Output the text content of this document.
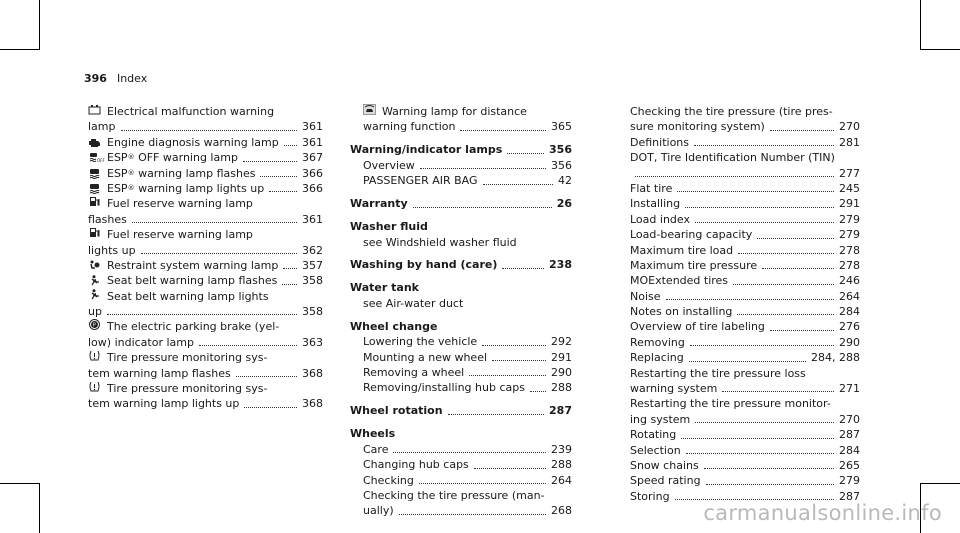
396 Index
Electrical malfunction warning
lamp	361
Engine diagnosis warning lamp 361
OFF ESP ® OFF warning lamp	367
ESP ® warning lamp flashes	366
ESP ® warning lamp lights up	366
Fuel reserve warning lamp
flashes	361
Fuel reserve warning lamp
lights up	362
Restraint system warning lamp 357
Seat belt warning lamp flashes 358
Seat belt warning lamp lights
up	358
P The electric parking brake (yel-
low) indicator lamp	363
Tire pressure monitoring sys-
tem warning lamp flashes	368
Tire pressure monitoring sys-
tem warning lamp lights up	368
Warning lamp for distance
warning function	365
Warning/indicator lamps	356
Overview	356
PASSENGER AIR BAG	42
Warranty	26
Washer fluid
see Windshield washer fluid
Washing by hand (care)	238
Water tank
see Air-water duct
Wheel change
Lowering the vehicle	292
Mounting a new wheel	291
Removing a wheel	290
Removing/installing hub caps 288
Wheel rotation	287
Wheels
Care	239
Changing hub caps	288
Checking	264
Checking the tire pressure (man-
ually)	268
Checking the tire pressure (tire pres-
sure monitoring system)	270
Definitions	281
DOT, Tire Identification Number (TIN)
277
Flat tire	245
Installing	291
Load index	279
Load-bearing capacity	279
Maximum tire load	278
Maximum tire pressure	278
MOExtended tires	246
Noise	264
Notes on installing	284
Overview of tire labeling	276
Removing	290
Replacing	284, 288
Restarting the tire pressure loss
warning system	271
Restarting the tire pressure monitor-
ing system	270
Rotating	287
Selection	284
Snow chains	265
Speed rating	279
Storing	287
carmanualsonline.info
